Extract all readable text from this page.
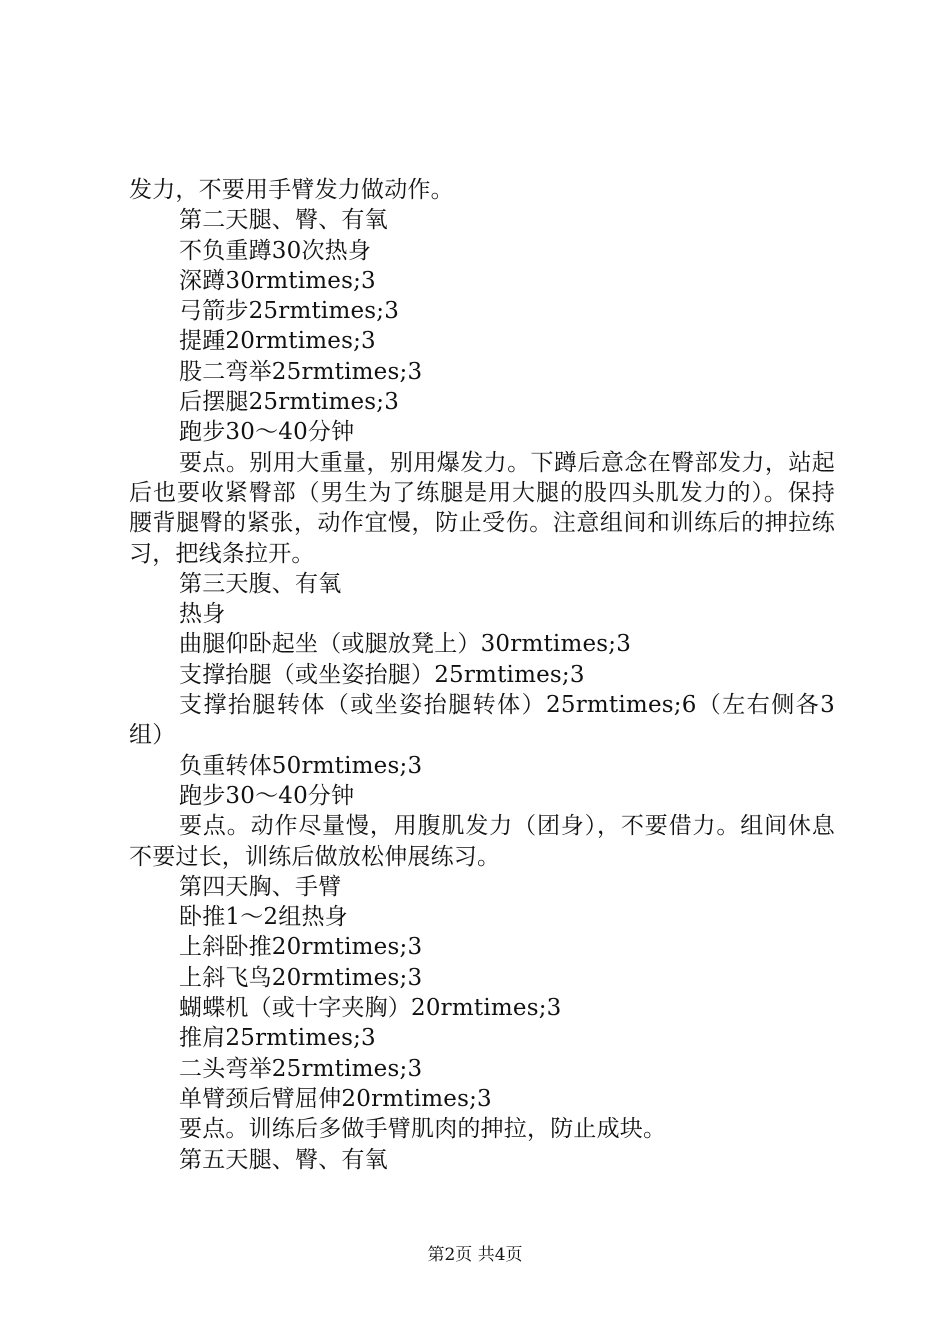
发力，不要用手臂发力做动作。

第二天腿、臀、有氧

不负重蹲30次热身

深蹲30rmtimes;3

弓箭步25rmtimes;3

提踵20rmtimes;3

股二弯举25rmtimes;3

后摆腿25rmtimes;3

跑步30～40分钟

要点。别用大重量，别用爆发力。下蹲后意念在臀部发力，站起后也要收紧臀部（男生为了练腿是用大腿的股四头肌发力的）。保持腰背腿臀的紧张，动作宜慢，防止受伤。注意组间和训练后的抻拉练习，把线条拉开。

第三天腹、有氧

热身

曲腿仰卧起坐（或腿放凳上）30rmtimes;3

支撑抬腿（或坐姿抬腿）25rmtimes;3

支撑抬腿转体（或坐姿抬腿转体）25rmtimes;6（左右侧各3组）

负重转体50rmtimes;3

跑步30～40分钟

要点。动作尽量慢，用腹肌发力（团身），不要借力。组间休息不要过长，训练后做放松伸展练习。

第四天胸、手臂

卧推1～2组热身

上斜卧推20rmtimes;3

上斜飞鸟20rmtimes;3

蝴蝶机（或十字夹胸）20rmtimes;3

推肩25rmtimes;3

二头弯举25rmtimes;3

单臂颈后臂屈伸20rmtimes;3

要点。训练后多做手臂肌肉的抻拉，防止成块。

第五天腿、臀、有氧

第2页 共4页
